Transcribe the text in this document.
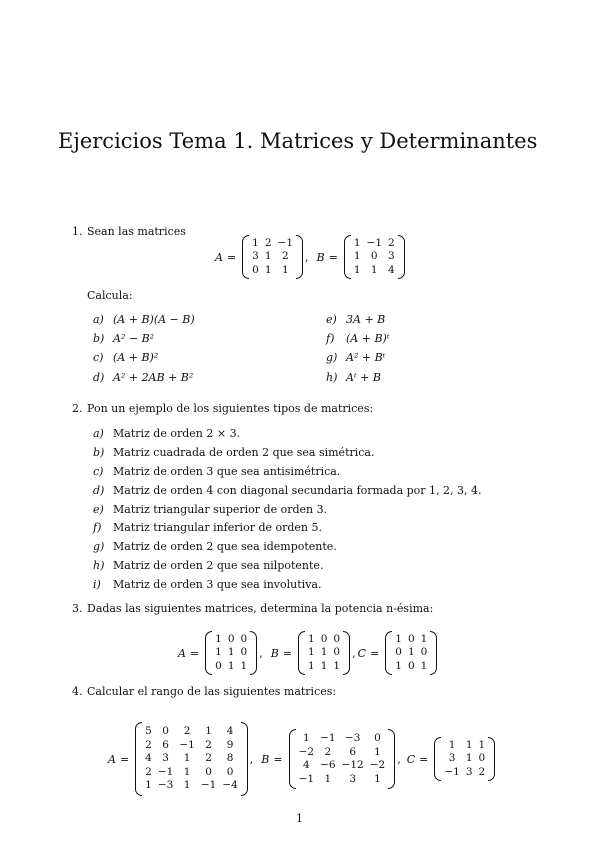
Ejercicios Tema 1. Matrices y Determinantes
1. Sean las matrices
A =
1	2	−1
3	1	2
0	1	1
, B =
1	−1	2
1	0	3
1	1	4
Calcula:
a) (A + B)(A − B)
b) A² − B²
c) (A + B)²
d) A² + 2AB + B²
e) 3A + B
f) (A + B)ᵗ
g) A² + Bᵗ
h) Aᵗ + B
2. Pon un ejemplo de los siguientes tipos de matrices:
a) Matriz de orden 2 × 3.
b) Matriz cuadrada de orden 2 que sea simétrica.
c) Matriz de orden 3 que sea antisimétrica.
d) Matriz de orden 4 con diagonal secundaria formada por 1, 2, 3, 4.
e) Matriz triangular superior de orden 3.
f) Matriz triangular inferior de orden 5.
g) Matriz de orden 2 que sea idempotente.
h) Matriz de orden 2 que sea nilpotente.
i) Matriz de orden 3 que sea involutiva.
3. Dadas las siguientes matrices, determina la potencia n-ésima:
A =
1	0	0
1	1	0
0	1	1
, B =
1	0	0
1	1	0
1	1	1
, C =
1	0	1
0	1	0
1	0	1
4. Calcular el rango de las siguientes matrices:
A =
5	0	2	1	4
2	6	−1	2	9
4	3	1	2	8
2	−1	1	0	0
1	−3	1	−1	−4
, B =
1	−1	−3	0
−2	2	6	1
4	−6	−12	−2
−1	1	3	1
, C =
1	1	1
3	1	0
−1	3	2
1
